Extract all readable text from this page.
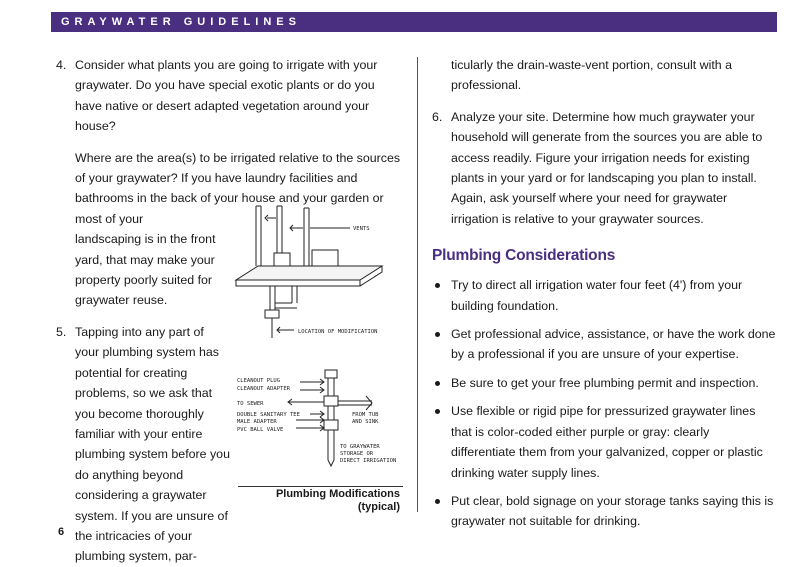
GRAYWATER GUIDELINES
4. Consider what plants you are going to irrigate with your graywater. Do you have special exotic plants or do you have native or desert adapted vegetation around your house?

Where are the area(s) to be irrigated relative to the sources of your graywater? If you have laundry facilities and bathrooms in the back of your house and your garden or most of your

landscaping is in the front yard, that may make your property poorly suited for graywater reuse.

5. Tapping into any part of your plumbing system has potential for creating problems, so we ask that you become thoroughly familiar with your entire plumbing system before you do anything beyond considering a graywater system. If you are unsure of the intricacies of your plumbing system, par-

VENTS
LOCATION OF MODIFICATION
CLEANOUT PLUG
CLEANOUT ADAPTER
TO SEWER
DOUBLE SANITARY TEE
MALE ADAPTER
PVC BALL VALVE
FROM TUB
AND SINK
TO GRAYWATER
STORAGE OR
DIRECT IRRIGATION
Plumbing Modifications
(typical)

ticularly the drain-waste-vent portion, consult with a professional.

6. Analyze your site. Determine how much graywater your household will generate from the sources you are able to access readily. Figure your irrigation needs for existing plants in your yard or for landscaping you plan to install. Again, ask yourself where your need for graywater irrigation is relative to your graywater sources.

Plumbing Considerations

Try to direct all irrigation water four feet (4') from your building foundation.

Get professional advice, assistance, or have the work done by a professional if you are unsure of your expertise.

Be sure to get your free plumbing permit and inspection.

Use flexible or rigid pipe for pressurized graywater lines that is color-coded either purple or gray: clearly differentiate them from your galvanized, copper or plastic drinking water supply lines.

Put clear, bold signage on your storage tanks saying this is graywater not suitable for drinking.

6
